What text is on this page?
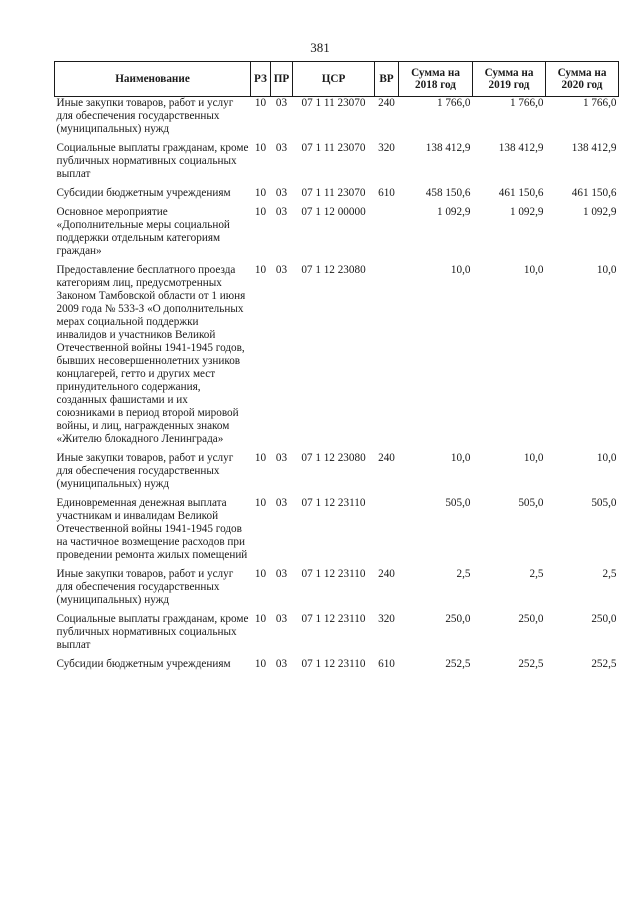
381
Наименование	РЗ	ПР	ЦСР	ВР	Сумма на 2018 год	Сумма на 2019 год	Сумма на 2020 год
Иные закупки товаров, работ и услуг для обеспечения государственных (муниципальных) нужд	10	03	07 1 11 23070	240	1 766,0	1 766,0	1 766,0
Социальные выплаты гражданам, кроме публичных нормативных социальных выплат	10	03	07 1 11 23070	320	138 412,9	138 412,9	138 412,9
Субсидии бюджетным учреждениям	10	03	07 1 11 23070	610	458 150,6	461 150,6	461 150,6
Основное мероприятие «Дополнительные меры социальной поддержки отдельным категориям граждан»	10	03	07 1 12 00000		1 092,9	1 092,9	1 092,9
Предоставление бесплатного проезда категориям лиц, предусмотренных Законом Тамбовской области от 1 июня 2009 года № 533-З «О дополнительных мерах социальной поддержки инвалидов и участников Великой Отечественной войны 1941-1945 годов, бывших несовершеннолетних узников концлагерей, гетто и других мест принудительного содержания, созданных фашистами и их союзниками в период второй мировой войны, и лиц, награжденных знаком «Жителю блокадного Ленинграда»	10	03	07 1 12 23080		10,0	10,0	10,0
Иные закупки товаров, работ и услуг для обеспечения государственных (муниципальных) нужд	10	03	07 1 12 23080	240	10,0	10,0	10,0
Единовременная денежная выплата участникам и инвалидам Великой Отечественной войны 1941-1945 годов на частичное возмещение расходов при проведении ремонта жилых помещений	10	03	07 1 12 23110		505,0	505,0	505,0
Иные закупки товаров, работ и услуг для обеспечения государственных (муниципальных) нужд	10	03	07 1 12 23110	240	2,5	2,5	2,5
Социальные выплаты гражданам, кроме публичных нормативных социальных выплат	10	03	07 1 12 23110	320	250,0	250,0	250,0
Субсидии бюджетным учреждениям	10	03	07 1 12 23110	610	252,5	252,5	252,5
